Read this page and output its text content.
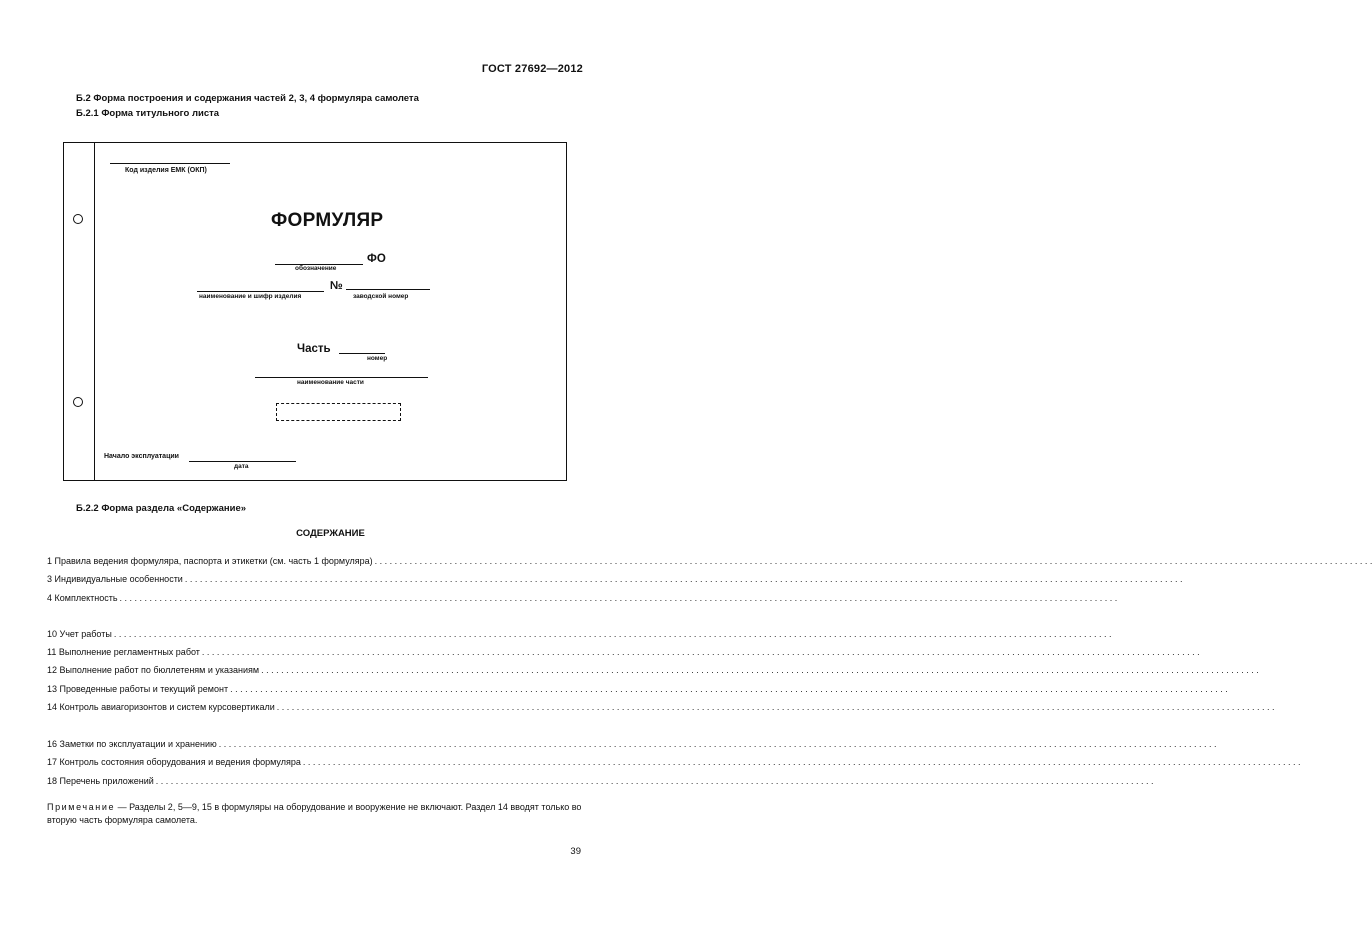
ГОСТ 27692—2012
Б.2 Форма построения и содержания частей 2, 3, 4 формуляра самолета
Б.2.1 Форма титульного листа
Код изделия ЕМК (ОКП)
ФОРМУЛЯР
ФО
обозначение
№
наименование и шифр изделия	заводской номер
Часть
номер
наименование части
Начало эксплуатации
дата
Б.2.2 Форма раздела «Содержание»
СОДЕРЖАНИЕ
1 Правила ведения формуляра, паспорта и этикетки (см. часть 1 формуляра) . . . . . . . . . . . . . . . . . . . . . . . . . . . . . . . . . . . . . . . . . . . . . . . . . . . . . . . . . . . . . . . . . . . . . . . . . . . . . . . . . . . . . . . . . . . . . . . . . . . . . . . . . . . . . . . . . . . . . . . . . . . . . . . . . . . . . . . . . . . . . . . . . . . . . . . . . . . . . . . . . . . . . . . . . . . . . . . . . . . . . . . . . . . . . . . . . . . . . . . .
3 Индивидуальные особенности . . . . . . . . . . . . . . . . . . . . . . . . . . . . . . . . . . . . . . . . . . . . . . . . . . . . . . . . . . . . . . . . . . . . . . . . . . . . . . . . . . . . . . . . . . . . . . . . . . . . . . . . . . . . . . . . . . . . . . . . . . . . . . . . . . . . . . . . . . . . . . . . . . . . . . . . . . . . . . . . . . . . . . . . . . . . . . . . . . . . . . . . . . . . . . . . . . . . . . . .
4 Комплектность . . . . . . . . . . . . . . . . . . . . . . . . . . . . . . . . . . . . . . . . . . . . . . . . . . . . . . . . . . . . . . . . . . . . . . . . . . . . . . . . . . . . . . . . . . . . . . . . . . . . . . . . . . . . . . . . . . . . . . . . . . . . . . . . . . . . . . . . . . . . . . . . . . . . . . . . . . . . . . . . . . . . . . . . . . . . . . . . . . . . . . . . . . . . . . . . . . . . . . . .
10 Учет работы . . . . . . . . . . . . . . . . . . . . . . . . . . . . . . . . . . . . . . . . . . . . . . . . . . . . . . . . . . . . . . . . . . . . . . . . . . . . . . . . . . . . . . . . . . . . . . . . . . . . . . . . . . . . . . . . . . . . . . . . . . . . . . . . . . . . . . . . . . . . . . . . . . . . . . . . . . . . . . . . . . . . . . . . . . . . . . . . . . . . . . . . . . . . . . . . . . . . . . . .
11 Выполнение регламентных работ . . . . . . . . . . . . . . . . . . . . . . . . . . . . . . . . . . . . . . . . . . . . . . . . . . . . . . . . . . . . . . . . . . . . . . . . . . . . . . . . . . . . . . . . . . . . . . . . . . . . . . . . . . . . . . . . . . . . . . . . . . . . . . . . . . . . . . . . . . . . . . . . . . . . . . . . . . . . . . . . . . . . . . . . . . . . . . . . . . . . . . . . . . . . . . . . . . . . . . . .
12 Выполнение работ по бюллетеням и указаниям . . . . . . . . . . . . . . . . . . . . . . . . . . . . . . . . . . . . . . . . . . . . . . . . . . . . . . . . . . . . . . . . . . . . . . . . . . . . . . . . . . . . . . . . . . . . . . . . . . . . . . . . . . . . . . . . . . . . . . . . . . . . . . . . . . . . . . . . . . . . . . . . . . . . . . . . . . . . . . . . . . . . . . . . . . . . . . . . . . . . . . . . . . . . . . . . . . . . . . . .
13 Проведенные работы и текущий ремонт . . . . . . . . . . . . . . . . . . . . . . . . . . . . . . . . . . . . . . . . . . . . . . . . . . . . . . . . . . . . . . . . . . . . . . . . . . . . . . . . . . . . . . . . . . . . . . . . . . . . . . . . . . . . . . . . . . . . . . . . . . . . . . . . . . . . . . . . . . . . . . . . . . . . . . . . . . . . . . . . . . . . . . . . . . . . . . . . . . . . . . . . . . . . . . . . . . . . . . . .
14 Контроль авиагоризонтов и систем курсовертикали . . . . . . . . . . . . . . . . . . . . . . . . . . . . . . . . . . . . . . . . . . . . . . . . . . . . . . . . . . . . . . . . . . . . . . . . . . . . . . . . . . . . . . . . . . . . . . . . . . . . . . . . . . . . . . . . . . . . . . . . . . . . . . . . . . . . . . . . . . . . . . . . . . . . . . . . . . . . . . . . . . . . . . . . . . . . . . . . . . . . . . . . . . . . . . . . . . . . . . . .
16 Заметки по эксплуатации и хранению . . . . . . . . . . . . . . . . . . . . . . . . . . . . . . . . . . . . . . . . . . . . . . . . . . . . . . . . . . . . . . . . . . . . . . . . . . . . . . . . . . . . . . . . . . . . . . . . . . . . . . . . . . . . . . . . . . . . . . . . . . . . . . . . . . . . . . . . . . . . . . . . . . . . . . . . . . . . . . . . . . . . . . . . . . . . . . . . . . . . . . . . . . . . . . . . . . . . . . . .
17 Контроль состояния оборудования и ведения формуляра . . . . . . . . . . . . . . . . . . . . . . . . . . . . . . . . . . . . . . . . . . . . . . . . . . . . . . . . . . . . . . . . . . . . . . . . . . . . . . . . . . . . . . . . . . . . . . . . . . . . . . . . . . . . . . . . . . . . . . . . . . . . . . . . . . . . . . . . . . . . . . . . . . . . . . . . . . . . . . . . . . . . . . . . . . . . . . . . . . . . . . . . . . . . . . . . . . . . . . . .
18 Перечень приложений . . . . . . . . . . . . . . . . . . . . . . . . . . . . . . . . . . . . . . . . . . . . . . . . . . . . . . . . . . . . . . . . . . . . . . . . . . . . . . . . . . . . . . . . . . . . . . . . . . . . . . . . . . . . . . . . . . . . . . . . . . . . . . . . . . . . . . . . . . . . . . . . . . . . . . . . . . . . . . . . . . . . . . . . . . . . . . . . . . . . . . . . . . . . . . . . . . . . . . . .
Примечание — Разделы 2, 5—9, 15 в формуляры на оборудование и вооружение не включают. Раздел 14 вводят только во вторую часть формуляра самолета.
39
